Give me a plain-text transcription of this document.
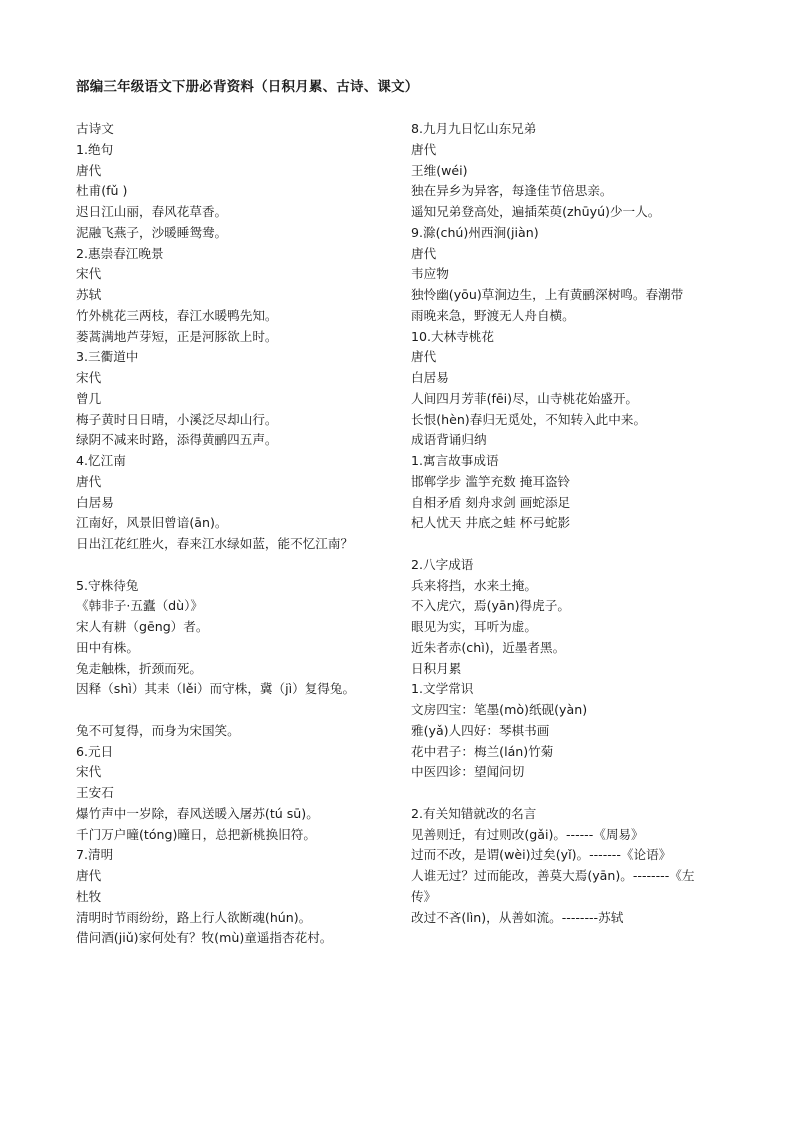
部编三年级语文下册必背资料（日积月累、古诗、课文）
古诗文
1.绝句
唐代
杜甫(fǔ )
迟日江山丽，春风花草香。
泥融飞燕子，沙暖睡鸳鸯。
2.惠崇春江晚景
宋代
苏轼
竹外桃花三两枝，春江水暖鸭先知。
蒌蒿满地芦芽短，正是河豚欲上时。
3.三衢道中
宋代
曾几
梅子黄时日日晴，小溪泛尽却山行。
绿阴不减来时路，添得黄鹂四五声。
4.忆江南
唐代
白居易
江南好，风景旧曾谙(ān)。
日出江花红胜火，春来江水绿如蓝，能不忆江南？
5.守株待兔
《韩非子·五蠹（dù）》
宋人有耕（gēng）者。
田中有株。
兔走触株，折颈而死。
因释（shì）其耒（lěi）而守株，冀（jì）复得兔。
兔不可复得，而身为宋国笑。
6.元日
宋代
王安石
爆竹声中一岁除，春风送暖入屠苏(tú sū)。
千门万户曈(tóng)曈日，总把新桃换旧符。
7.清明
唐代
杜牧
清明时节雨纷纷，路上行人欲断魂(hún)。
借问酒(jiǔ)家何处有？牧(mù)童遥指杏花村。
8.九月九日忆山东兄弟
唐代
王维(wéi)
独在异乡为异客，每逢佳节倍思亲。
遥知兄弟登高处，遍插茱萸(zhūyú)少一人。
9.滁(chú)州西涧(jiàn)
唐代
韦应物
独怜幽(yōu)草涧边生，上有黄鹂深树鸣。春潮带
雨晚来急，野渡无人舟自横。
10.大林寺桃花
唐代
白居易
人间四月芳菲(fēi)尽，山寺桃花始盛开。
长恨(hèn)春归无觅处，不知转入此中来。
成语背诵归纳
1.寓言故事成语
邯郸学步 滥竽充数 掩耳盗铃
自相矛盾 刻舟求剑 画蛇添足
杞人忧天 井底之蛙 杯弓蛇影
2.八字成语
兵来将挡，水来土掩。
不入虎穴，焉(yān)得虎子。
眼见为实，耳听为虚。
近朱者赤(chì)，近墨者黑。
日积月累
1.文学常识
文房四宝：笔墨(mò)纸砚(yàn)
雅(yǎ)人四好：琴棋书画
花中君子：梅兰(lán)竹菊
中医四诊：望闻问切
2.有关知错就改的名言
见善则迁，有过则改(gǎi)。------《周易》
过而不改，是谓(wèi)过矣(yǐ)。-------《论语》
人谁无过？过而能改，善莫大焉(yān)。--------《左
传》
改过不吝(lìn)，从善如流。--------苏轼
